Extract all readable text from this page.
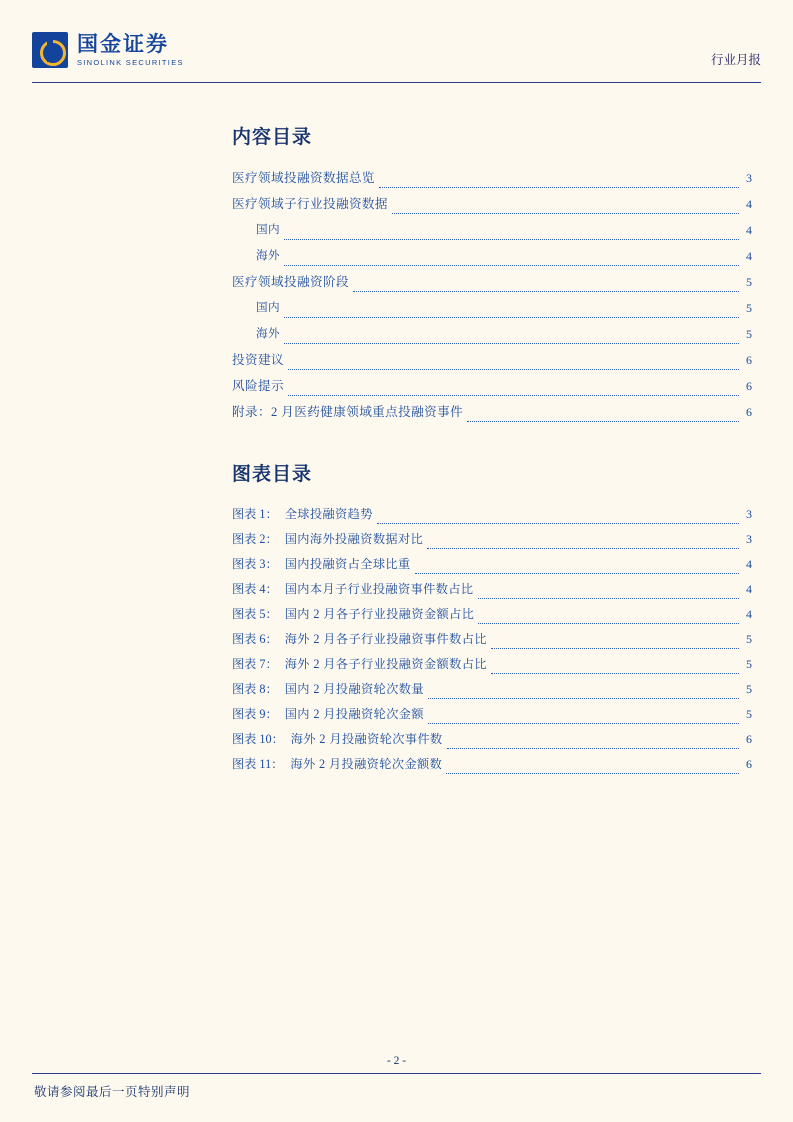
国金证券
SINOLINK SECURITIES	行业月报
内容目录
医疗领域投融资数据总览	3
医疗领域子行业投融资数据	4
国内	4
海外	4
医疗领域投融资阶段	5
国内	5
海外	5
投资建议	6
风险提示	6
附录：2 月医药健康领域重点投融资事件	6
图表目录
图表 1： 全球投融资趋势	3
图表 2： 国内海外投融资数据对比	3
图表 3： 国内投融资占全球比重	4
图表 4： 国内本月子行业投融资事件数占比	4
图表 5： 国内 2 月各子行业投融资金额占比	4
图表 6： 海外 2 月各子行业投融资事件数占比	5
图表 7： 海外 2 月各子行业投融资金额数占比	5
图表 8： 国内 2 月投融资轮次数量	5
图表 9： 国内 2 月投融资轮次金额	5
图表 10： 海外 2 月投融资轮次事件数	6
图表 11： 海外 2 月投融资轮次金额数	6
- 2 -
敬请参阅最后一页特别声明
